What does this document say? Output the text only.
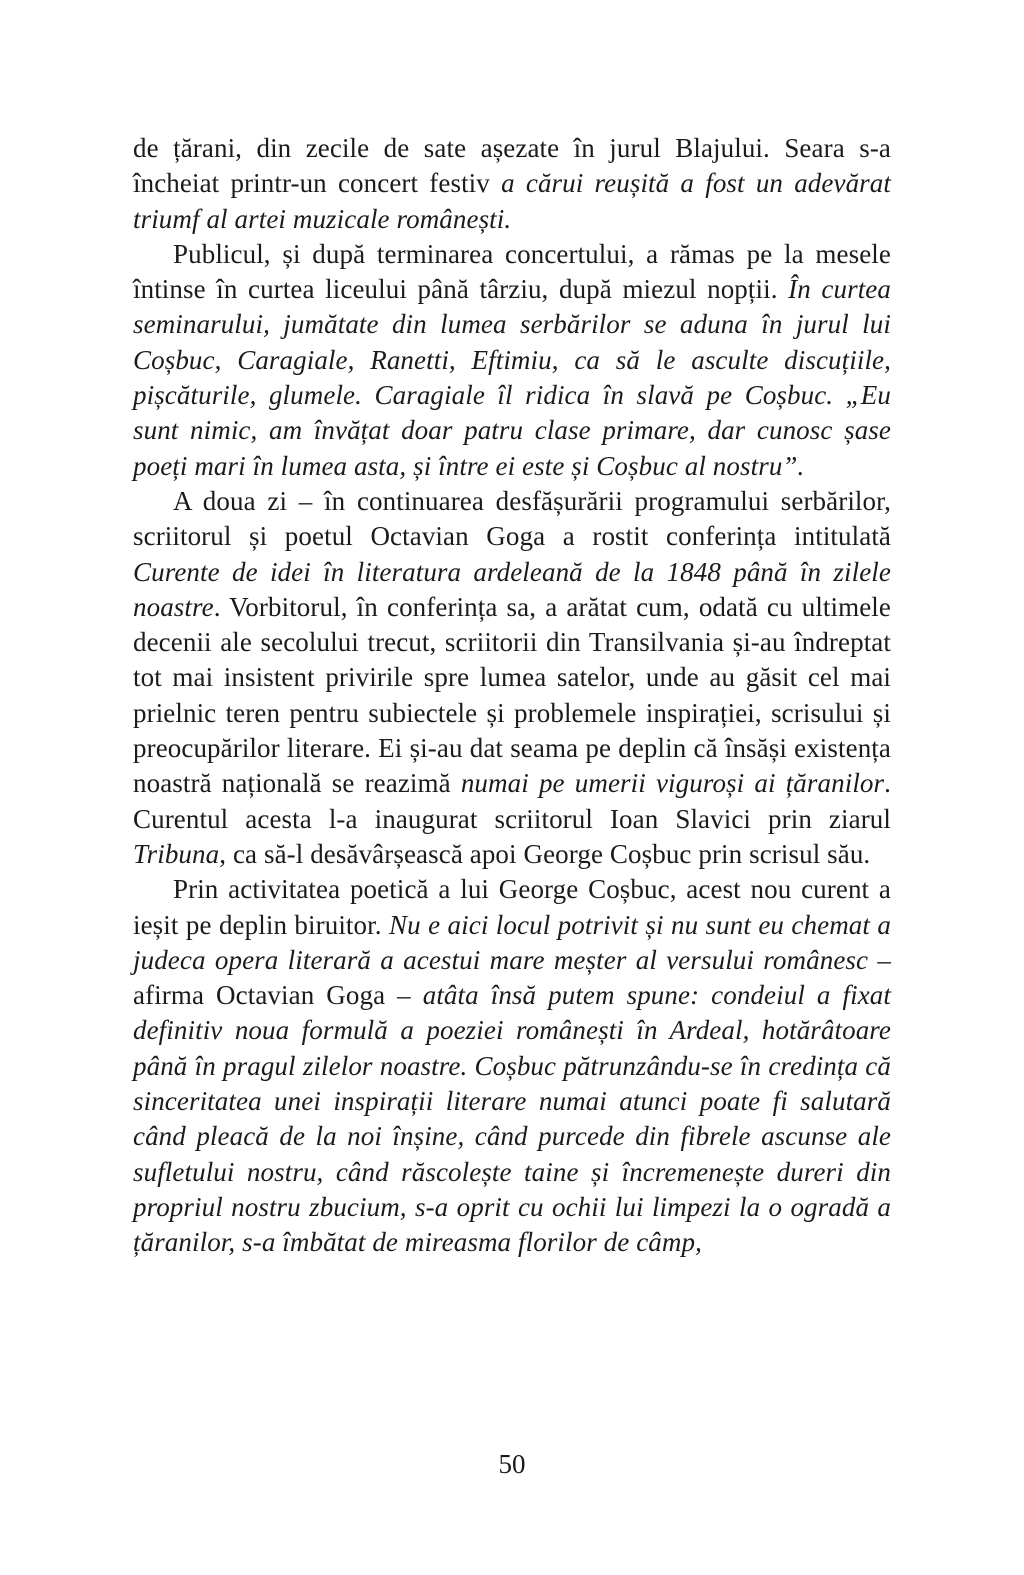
de țărani, din zecile de sate așezate în jurul Blajului. Seara s-a încheiat printr-un concert festiv a cărui reușită a fost un adevărat triumf al artei muzicale românești.

Publicul, și după terminarea concertului, a rămas pe la mesele întinse în curtea liceului până târziu, după miezul nopții. În curtea seminarului, jumătate din lumea serbărilor se aduna în jurul lui Coșbuc, Caragiale, Ranetti, Eftimiu, ca să le asculte discuțiile, pișcăturile, glumele. Caragiale îl ridica în slavă pe Coșbuc. „Eu sunt nimic, am învățat doar patru clase primare, dar cunosc șase poeți mari în lumea asta, și între ei este și Coșbuc al nostru”.

A doua zi – în continuarea desfășurării programului serbărilor, scriitorul și poetul Octavian Goga a rostit conferința intitulată Curente de idei în literatura ardeleană de la 1848 până în zilele noastre. Vorbitorul, în conferința sa, a arătat cum, odată cu ultimele decenii ale secolului trecut, scriitorii din Transilvania și-au îndreptat tot mai insistent privirile spre lumea satelor, unde au găsit cel mai prielnic teren pentru subiectele și problemele inspirației, scrisului și preocupărilor literare. Ei și-au dat seama pe deplin că însăși existența noastră națională se reazimă numai pe umerii viguroși ai țăranilor. Curentul acesta l-a inaugurat scriitorul Ioan Slavici prin ziarul Tribuna, ca să-l desăvârșească apoi George Coșbuc prin scrisul său.

Prin activitatea poetică a lui George Coșbuc, acest nou curent a ieșit pe deplin biruitor. Nu e aici locul potrivit și nu sunt eu chemat a judeca opera literară a acestui mare meșter al versului românesc – afirma Octavian Goga – atâta însă putem spune: condeiul a fixat definitiv noua formulă a poeziei românești în Ardeal, hotărâtoare până în pragul zilelor noastre. Coșbuc pătrunzându-se în credința că sinceritatea unei inspirații literare numai atunci poate fi salutară când pleacă de la noi înșine, când purcede din fibrele ascunse ale sufletului nostru, când răscolește taine și încremenește dureri din propriul nostru zbucium, s-a oprit cu ochii lui limpezi la o ogradă a țăranilor, s-a îmbătat de mireasma florilor de câmp,

50
